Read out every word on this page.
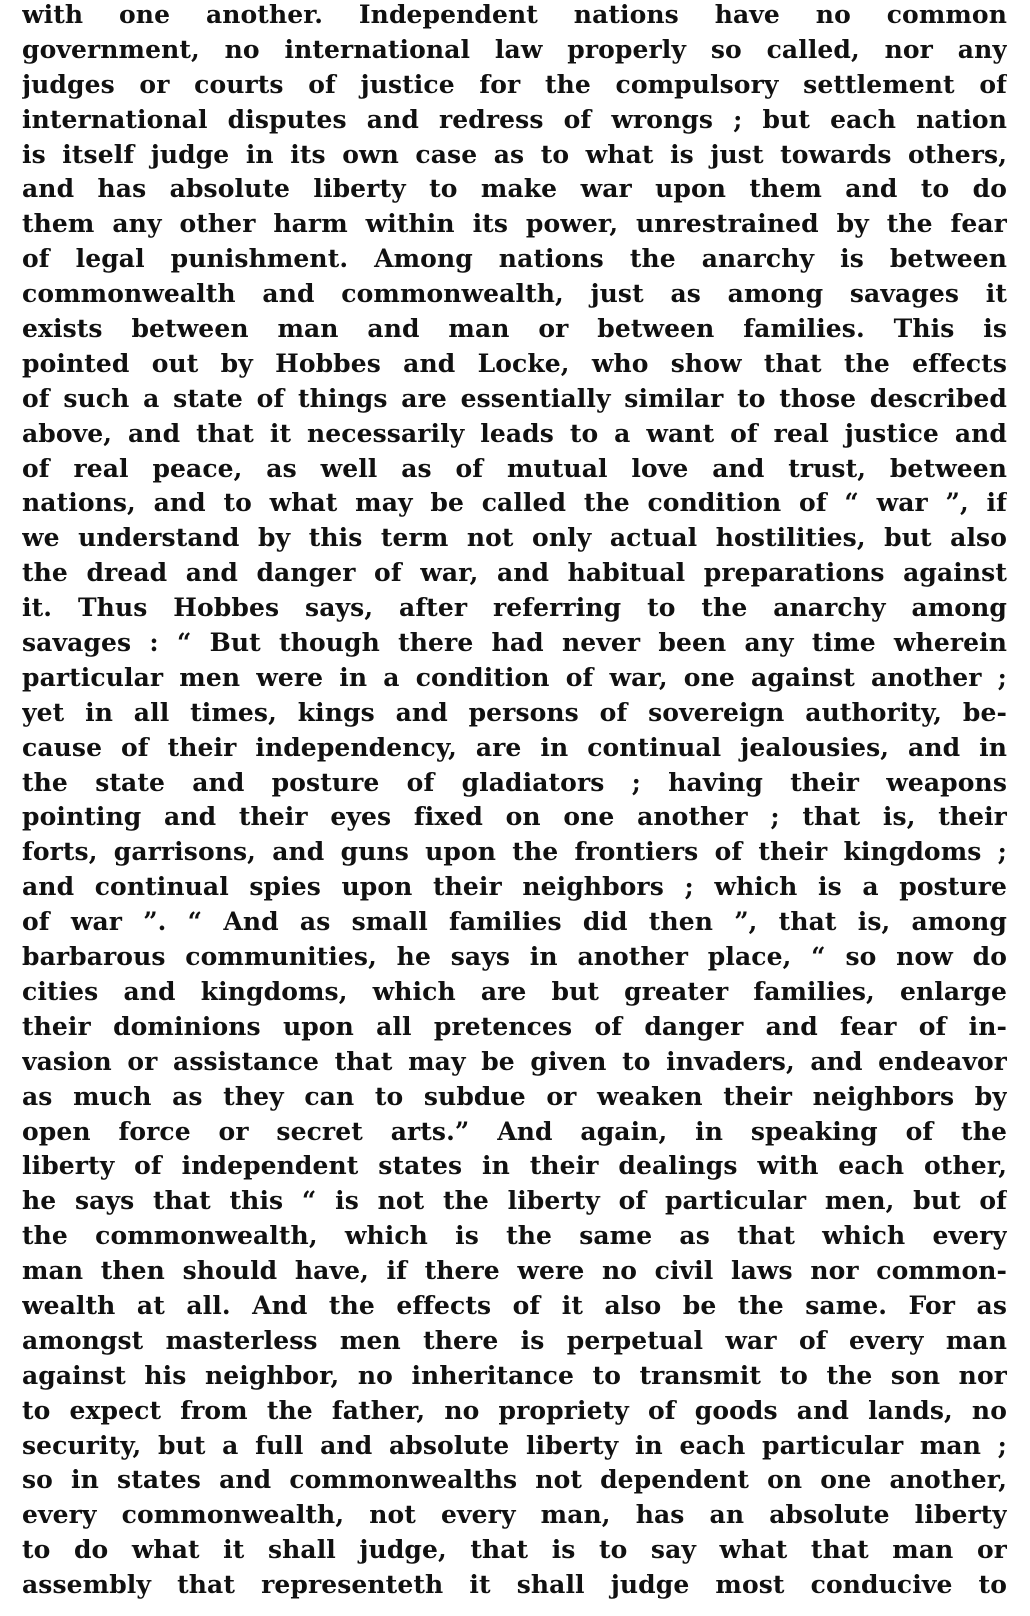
with one another. Independent nations have no common
government, no international law properly so called, nor any
judges or courts of justice for the compulsory settlement of
international disputes and redress of wrongs ; but each nation
is itself judge in its own case as to what is just towards others,
and has absolute liberty to make war upon them and to do
them any other harm within its power, unrestrained by the fear
of legal punishment. Among nations the anarchy is between
commonwealth and commonwealth, just as among savages it
exists between man and man or between families. This is
pointed out by Hobbes and Locke, who show that the effects
of such a state of things are essentially similar to those described
above, and that it necessarily leads to a want of real justice and
of real peace, as well as of mutual love and trust, between
nations, and to what may be called the condition of “ war ”, if
we understand by this term not only actual hostilities, but also
the dread and danger of war, and habitual preparations against
it. Thus Hobbes says, after referring to the anarchy among
savages : “ But though there had never been any time wherein
particular men were in a condition of war, one against another ;
yet in all times, kings and persons of sovereign authority, be-
cause of their independency, are in continual jealousies, and in
the state and posture of gladiators ; having their weapons
pointing and their eyes fixed on one another ; that is, their
forts, garrisons, and guns upon the frontiers of their kingdoms ;
and continual spies upon their neighbors ; which is a posture
of war ”. “ And as small families did then ”, that is, among
barbarous communities, he says in another place, “ so now do
cities and kingdoms, which are but greater families, enlarge
their dominions upon all pretences of danger and fear of in-
vasion or assistance that may be given to invaders, and endeavor
as much as they can to subdue or weaken their neighbors by
open force or secret arts.” And again, in speaking of the
liberty of independent states in their dealings with each other,
he says that this “ is not the liberty of particular men, but of
the commonwealth, which is the same as that which every
man then should have, if there were no civil laws nor common-
wealth at all. And the effects of it also be the same. For as
amongst masterless men there is perpetual war of every man
against his neighbor, no inheritance to transmit to the son nor
to expect from the father, no propriety of goods and lands, no
security, but a full and absolute liberty in each particular man ;
so in states and commonwealths not dependent on one another,
every commonwealth, not every man, has an absolute liberty
to do what it shall judge, that is to say what that man or
assembly that representeth it shall judge most conducive to
